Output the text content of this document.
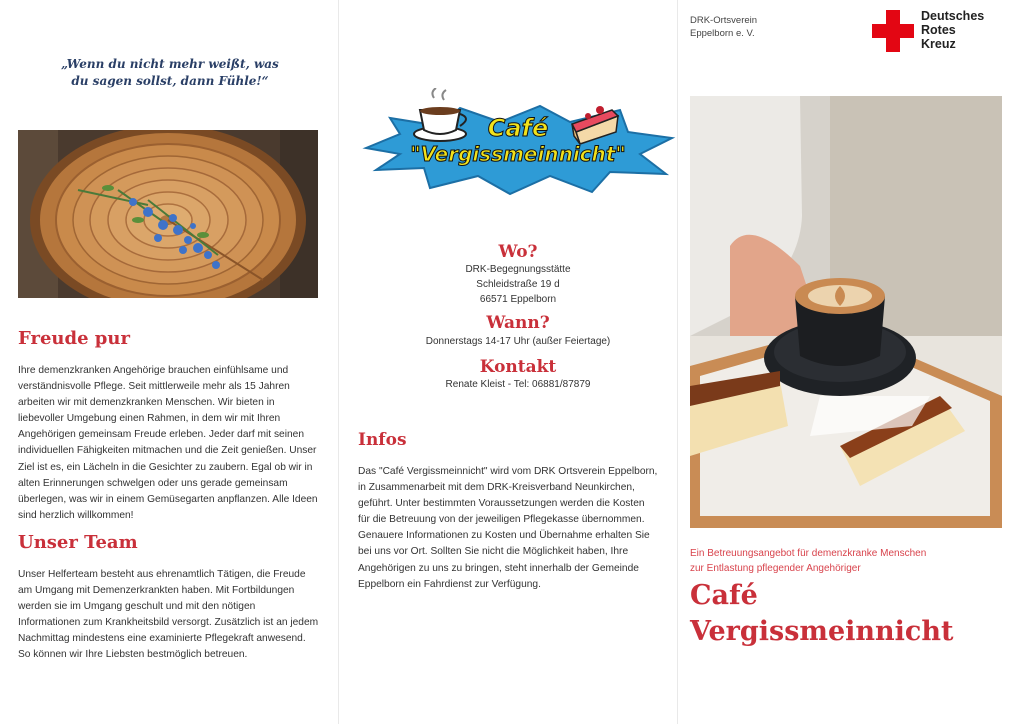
„Wenn du nicht mehr weißt, was du sagen sollst, dann Fühle!“
Freude pur
Ihre demenzkranken Angehörige brauchen einfühlsame und verständnisvolle Pflege. Seit mittlerweile mehr als 15 Jahren arbeiten wir mit demenzkranken Menschen. Wir bieten in liebevoller Umgebung einen Rahmen, in dem wir mit Ihren Angehörigen gemeinsam Freude erleben. Jeder darf mit seinen individuellen Fähigkeiten mitmachen und die Zeit genießen. Unser Ziel ist es, ein Lächeln in die Gesichter zu zaubern. Egal ob wir in alten Erinnerungen schwelgen oder uns gerade gemeinsam überlegen, was wir in einem Gemüsegarten anpflanzen. Alle Ideen sind herzlich willkommen!
Unser Team
Unser Helferteam besteht aus ehrenamtlich Tätigen, die Freude am Umgang mit Demenzerkrankten haben. Mit Fortbildungen werden sie im Umgang geschult und mit den nötigen Informationen zum Krankheitsbild versorgt. Zusätzlich ist an jedem Nachmittag mindestens eine examinierte Pflegekraft anwesend. So können wir Ihre Liebsten bestmöglich betreuen.
Café
"Vergissmeinnicht"
Wo?
DRK-Begegnungsstätte
Schleidstraße 19 d
66571 Eppelborn
Wann?
Donnerstags 14-17 Uhr (außer Feiertage)
Kontakt
Renate Kleist - Tel: 06881/87879
Infos
Das "Café Vergissmeinnicht" wird vom DRK Ortsverein Eppelborn, in Zusammenarbeit mit dem DRK-Kreisverband Neunkirchen, geführt. Unter bestimmten Voraussetzungen werden die Kosten für die Betreuung von der jeweiligen Pflegekasse übernommen. Genauere Informationen zu Kosten und Übernahme erhalten Sie bei uns vor Ort. Sollten Sie nicht die Möglichkeit haben, Ihre Angehörigen zu uns zu bringen, steht innerhalb der Gemeinde Eppelborn ein Fahrdienst zur Verfügung.
DRK-Ortsverein
Eppelborn e. V.
Deutsches
Rotes
Kreuz
Ein Betreuungsangebot für demenzkranke Menschen
zur Entlastung pflegender Angehöriger
Café
Vergissmeinnicht
